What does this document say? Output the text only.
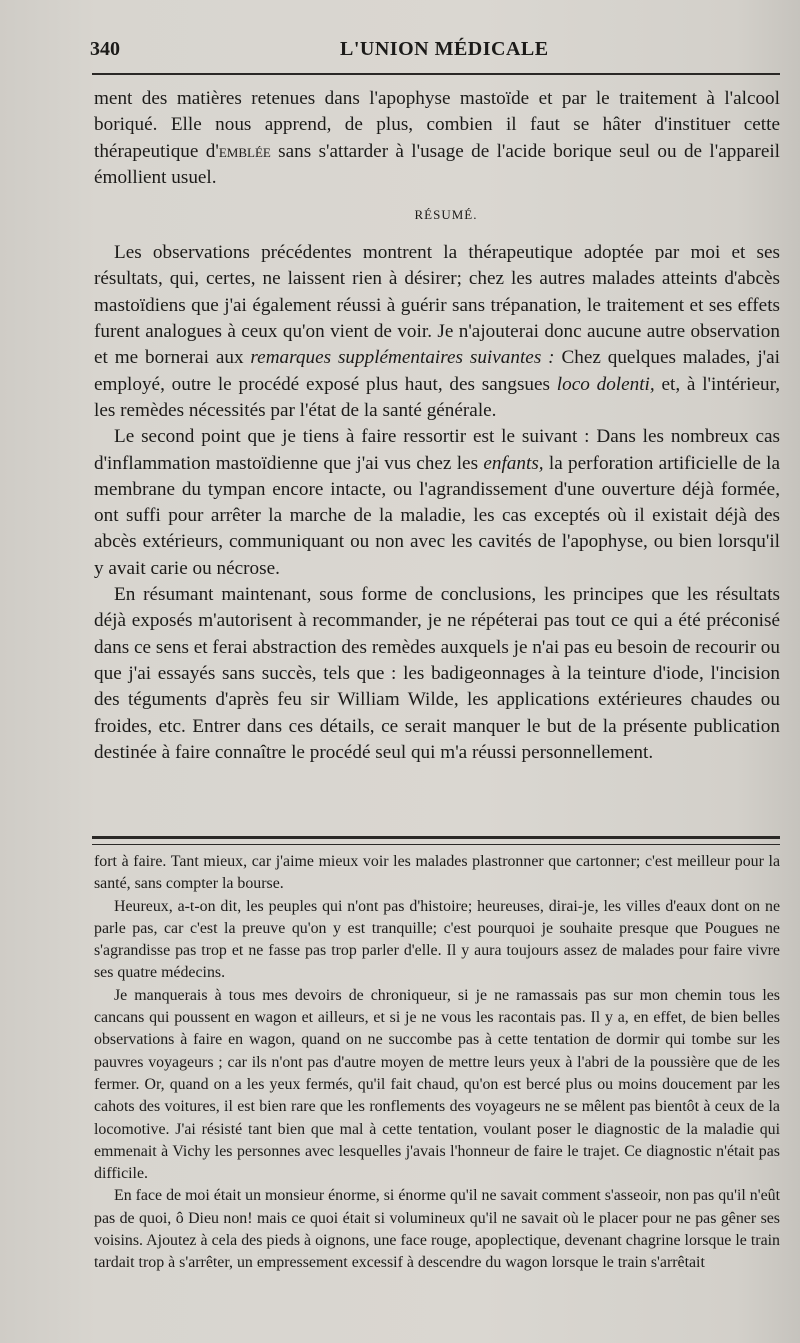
340	L'UNION MÉDICALE

ment des matières retenues dans l'apophyse mastoïde et par le traitement à l'alcool boriqué. Elle nous apprend, de plus, combien il faut se hâter d'instituer cette thérapeutique d'emblée sans s'attarder à l'usage de l'acide borique seul ou de l'appareil émollient usuel.

RÉSUMÉ.

Les observations précédentes montrent la thérapeutique adoptée par moi et ses résultats, qui, certes, ne laissent rien à désirer; chez les autres malades atteints d'abcès mastoïdiens que j'ai également réussi à guérir sans trépanation, le traitement et ses effets furent analogues à ceux qu'on vient de voir. Je n'ajouterai donc aucune autre observation et me bornerai aux remarques supplémentaires suivantes : Chez quelques malades, j'ai employé, outre le procédé exposé plus haut, des sangsues loco dolenti, et, à l'intérieur, les remèdes nécessités par l'état de la santé générale.

Le second point que je tiens à faire ressortir est le suivant : Dans les nombreux cas d'inflammation mastoïdienne que j'ai vus chez les enfants, la perforation artificielle de la membrane du tympan encore intacte, ou l'agrandissement d'une ouverture déjà formée, ont suffi pour arrêter la marche de la maladie, les cas exceptés où il existait déjà des abcès extérieurs, communiquant ou non avec les cavités de l'apophyse, ou bien lorsqu'il y avait carie ou nécrose.

En résumant maintenant, sous forme de conclusions, les principes que les résultats déjà exposés m'autorisent à recommander, je ne répéterai pas tout ce qui a été préconisé dans ce sens et ferai abstraction des remèdes auxquels je n'ai pas eu besoin de recourir ou que j'ai essayés sans succès, tels que : les badigeonnages à la teinture d'iode, l'incision des téguments d'après feu sir William Wilde, les applications extérieures chaudes ou froides, etc. Entrer dans ces détails, ce serait manquer le but de la présente publication destinée à faire connaître le procédé seul qui m'a réussi personnellement.

fort à faire. Tant mieux, car j'aime mieux voir les malades plastronner que cartonner; c'est meilleur pour la santé, sans compter la bourse.

Heureux, a-t-on dit, les peuples qui n'ont pas d'histoire; heureuses, dirai-je, les villes d'eaux dont on ne parle pas, car c'est la preuve qu'on y est tranquille; c'est pourquoi je souhaite presque que Pougues ne s'agrandisse pas trop et ne fasse pas trop parler d'elle. Il y aura toujours assez de malades pour faire vivre ses quatre médecins.

Je manquerais à tous mes devoirs de chroniqueur, si je ne ramassais pas sur mon chemin tous les cancans qui poussent en wagon et ailleurs, et si je ne vous les racontais pas. Il y a, en effet, de bien belles observations à faire en wagon, quand on ne succombe pas à cette tentation de dormir qui tombe sur les pauvres voyageurs ; car ils n'ont pas d'autre moyen de mettre leurs yeux à l'abri de la poussière que de les fermer. Or, quand on a les yeux fermés, qu'il fait chaud, qu'on est bercé plus ou moins doucement par les cahots des voitures, il est bien rare que les ronflements des voyageurs ne se mêlent pas bientôt à ceux de la locomotive. J'ai résisté tant bien que mal à cette tentation, voulant poser le diagnostic de la maladie qui emmenait à Vichy les personnes avec lesquelles j'avais l'honneur de faire le trajet. Ce diagnostic n'était pas difficile.

En face de moi était un monsieur énorme, si énorme qu'il ne savait comment s'asseoir, non pas qu'il n'eût pas de quoi, ô Dieu non! mais ce quoi était si volumineux qu'il ne savait où le placer pour ne pas gêner ses voisins. Ajoutez à cela des pieds à oignons, une face rouge, apoplectique, devenant chagrine lorsque le train tardait trop à s'arrêter, un empressement excessif à descendre du wagon lorsque le train s'arrêtait
